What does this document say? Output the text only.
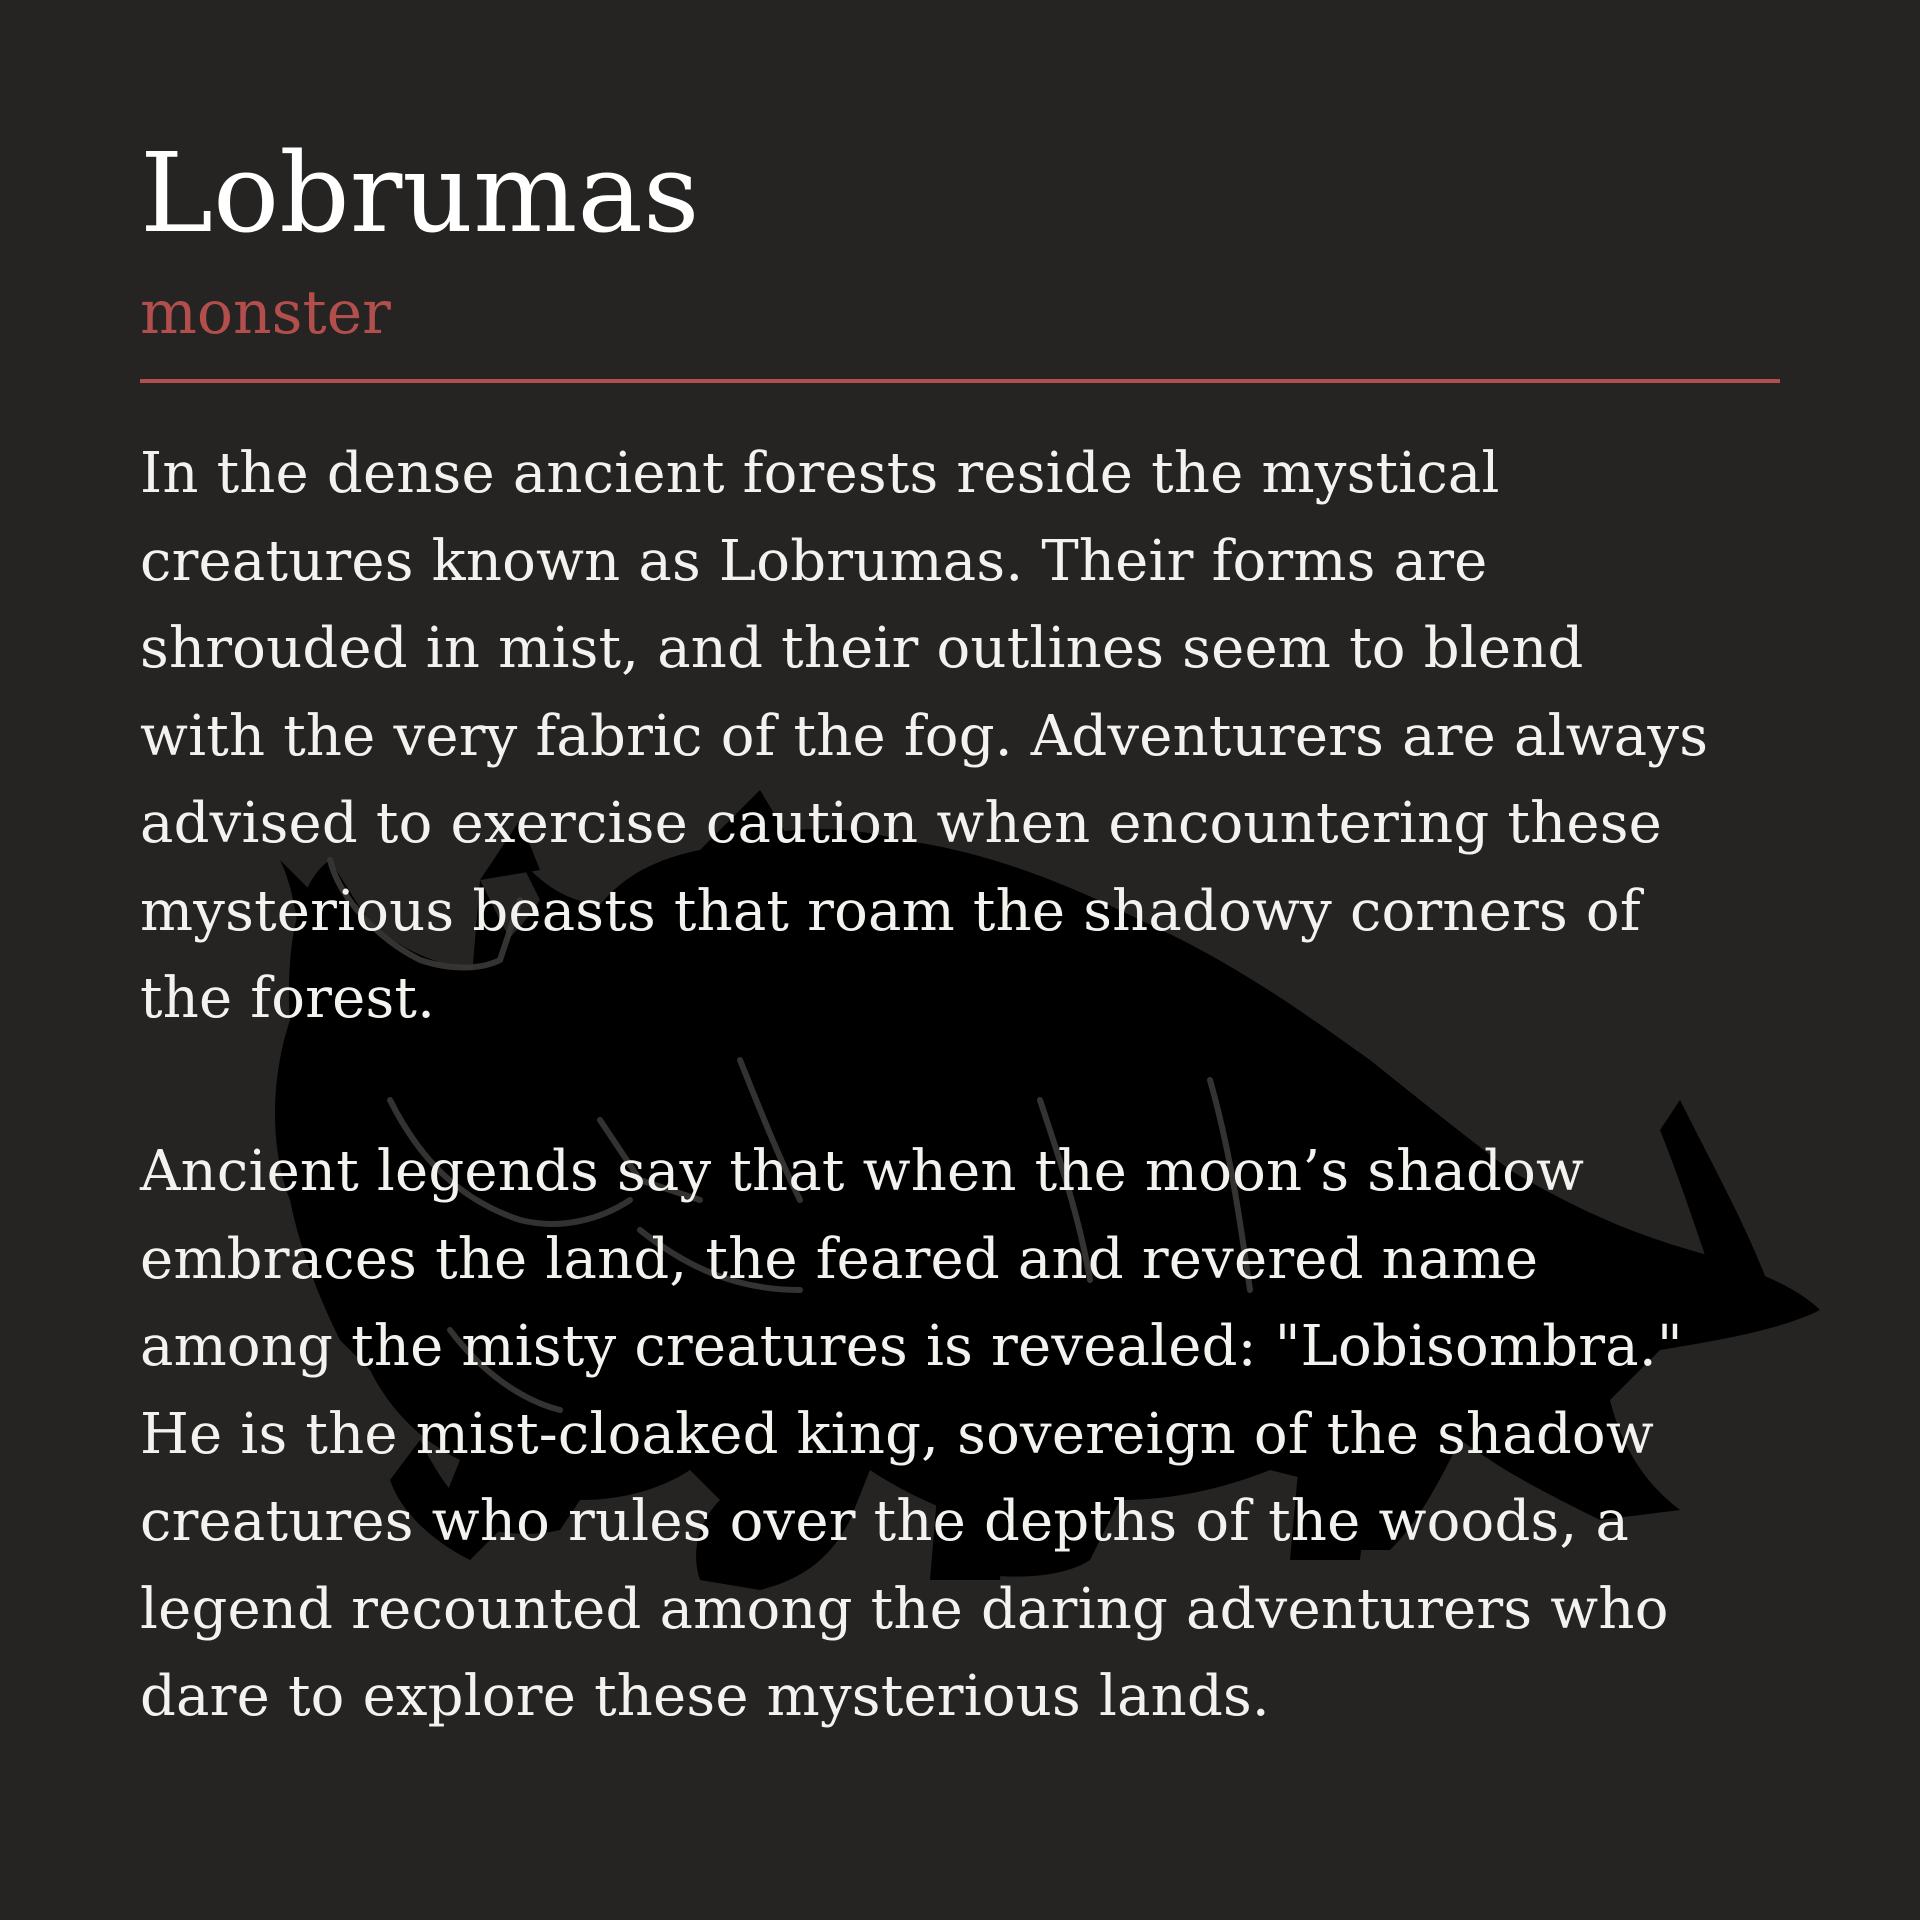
Lobrumas
monster

In the dense ancient forests reside the mystical
creatures known as Lobrumas. Their forms are
shrouded in mist, and their outlines seem to blend
with the very fabric of the fog. Adventurers are always
advised to exercise caution when encountering these
mysterious beasts that roam the shadowy corners of
the forest.

Ancient legends say that when the moon’s shadow
embraces the land, the feared and revered name
among the misty creatures is revealed: "Lobisombra."
He is the mist-cloaked king, sovereign of the shadow
creatures who rules over the depths of the woods, a
legend recounted among the daring adventurers who
dare to explore these mysterious lands.
